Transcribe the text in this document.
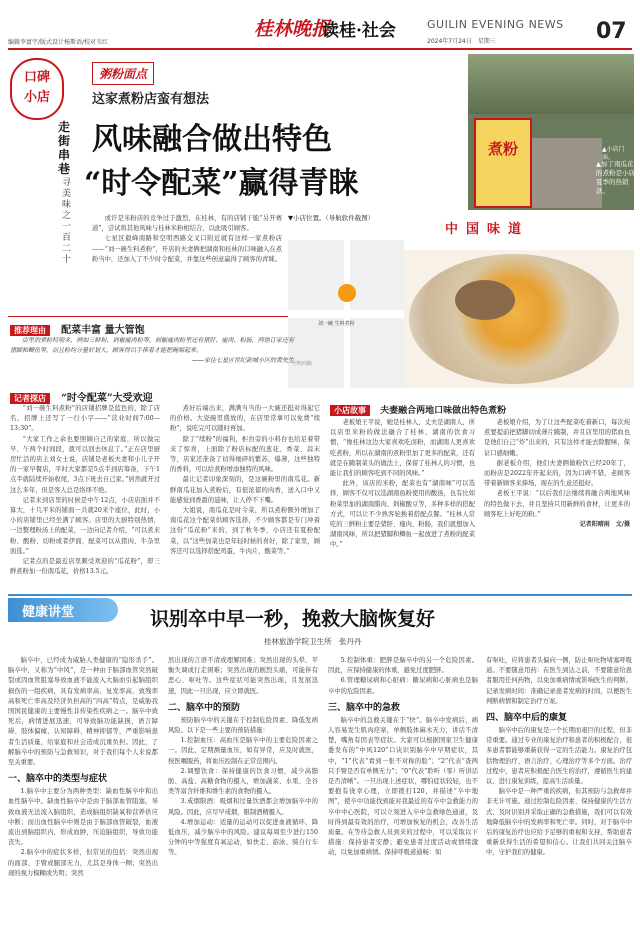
编辑李富宇/版式设计杨斯语/校对韦红
桂林晚报
读桂·社会	GUILIN EVENING NEWS
2024年7月24日　星期三	07
口碑小店
走街串巷
寻美味之一百二十
粥粉面点
这家煮粉店蛮有想法
风味融合做出特色
“时令配菜”赢得青睐

或许是米粉店的竞争过于激烈，在桂林，有的店铺干脆“另开赛道”，尝试将其他风味与桂林米粉相结合，以此吸引顾客。

七星区毅峰南路和空明西路交叉口附近就有这样一家煮粉店——“刘一碗生料煮粉”，开店的夫妻俩把湖南和桂林的口味融入在煮粉当中，还加入了不少时令配菜，并靠这些创意赢得了顾客的青睐。

煮粉	▲小店门面。
中国味道
▲加了南瓜花的煮粉是小店夏季的热销款。
▼小店位置。（导航软件截图）
刘一碗 生料煮粉
空明西路
推荐理由 配菜丰富 量大管饱

店里的煮粉特别多，例如三鲜粉、剁椒瘦肉粉等，剁椒瘦肉粉里还有猪肝、瘦肉、粉肠，两饱订家还有猪脚和鲫鱼等，而且粉均分量好划大，顾客得以手捧着才能把碗端起来。

——家住七星区世纪新城小区的黄先生

记者探店 “时令配菜”大受欢迎

“刘一碗生料煮粉”的店铺招牌是蓝色的，除了店名，招牌上还写了一行小字——“营业时间7:00—13:30”。

“大家工作之余也要照顾自己的家庭，所以做完早、午两个时间段，就可以回去休息了。”正在店里厨房忙活的店主刘女士说，店铺是老板夫妻和小儿子开的一家早餐店，平时大家都是5点半到店筹备，下午1点半就陆续开始收尾，3点下班去自己家。”居然就开过这么多年，但是客人总是络绎不绝。

记者来到店里的时候是中午12点，小店店面并不算大，十几平米的铺面一共就20来个座位，此时，小小的店铺里已经坐满了顾客。店里的大厨特别热情，一边整理粉汤上的配菜，一边向记者介绍，“可以煮来粉、酸粉、切粉或者伊面，配菜可以从猪肉、牛杂里面选。”

记者点的是最近店里颇受欢迎的“瓜花粉”，即三鲜煮粉加一份南瓜花，价格13.5元。

煮好后端出来，满满当当的一大碗还挺对得起它的价格。大瓷碗里盛放的，在店里常拿可以免费“续粉”，说吃完可以随时再加。

除了“续粉”的福利，柜台旁的小料台也给足着带来了惊喜，上面除了粉店标配的葱花、香菜、蒜末等，店家还准备了切得细碎的紫苏，爆薄，这些独特的香料，可以给煮粉增添独特的风味。

最让记者印象深刻的，是这碗粉里的南瓜花。新鲜南瓜花加入煮粉后，有很浓郁的肉香，送入口中又能感觉到香甜的滋味，让人停不下嘴。

大姐说，南瓜花是时令菜，所以煮粉额外增加了南瓜花这个配菜供顾客选择，不少顾客都是专门冲着这份“瓜花粉”来的，到了秋冬季，小店还有夏粉配菜，以“这些加菜也是年轻时候的喜好，除了家里，顾客还可以选择搭配鸡蛋，牛肉片，酸菜等。”

小店故事 夫妻融合两地口味做出特色煮粉

老板娘王平说，她是桂林人，丈夫是湖南人，所以店里米粉的做法融合了桂林、湖南的饮食习惯，“像桂林这边大家喜欢吃卤粉，而湖南人更喜欢吃煮粉，所以在湖南的煮粉里加了更多的配菜，还有就是在腌制菜头的做法上，保留了桂林人的习惯，也能让我们的顾客吃到不同的风味。”

此外，该店的米粉，配菜也有“湖南味”可以选择，顾客不仅可以选湖南鱼粉使用的酸汤，也有比如粉菜里加的湖南腊肉、剁椒酸豆等，多种多样的搭配方式，可以让不少熟客轮换着搭配点餐。“桂林人常吃的三鲜粉主要是猪肝、瘦肉、粉肠，我们就想加入湖南风味，所以把猪脚和鲫鱼一起放进了煮粉的配菜中。”

老板娘介绍，为了让这些配菜吃着新口，每次炖煮要提前把猪脚切成薄片腌制，并且店里用的猪血也是他们自己“炸”出来的，只有这样才能去除腥味，保证口感细嫩。

据老板介绍，他们夫妻俩做粉饮已经20年了，而粉店是2022年开起来的，因为口碑不错，老顾客带着新顾客来捧场，现在的生意还挺好。

老板王平说：“以后我们会继续将融合两地风味的特色做下去，并且坚持只用新鲜的食材，让更多的顾客吃上好吃的粉。”

记者阳晴雨　文/摄

健康讲堂	识别卒中早一秒，挽救大脑恢复好
桂林旅游学院卫生所　张丹丹

脑卒中，已经成为威胁人类健康的“隐形杀手”。脑卒中，又称为“中风”，是一种由于脑部血管突然破裂或因血管阻塞导致血液不能流入大脑而引起脑组织损伤的一组疾病，具有发病率高、复发率高、致残率高和死亡率高及经济负担高的“四高”特点，是威胁我国国民健康的主要慢性非传染性疾病之一。脑卒中致死后，病情进展迅速，可导致脑功能缺损、语言障碍、肢体偏瘫、认知障碍、精神抑郁等，严重影响患者生活质量，给家庭和社会造成沉重负担。因此，了解脑卒中的预防与急救知识，对于我们每个人来说都至关重要。

一、脑卒中的类型与症状

1.脑卒中主要分为两种类型：缺血性脑卒中和出血性脑卒中。缺血性脑卒中是由于脑部血管阻塞，导致血液无法流入脑组织，造成脑组织缺氧和营养供应中断；而出血性脑卒中则是由于脑部血管破裂，血液流出到脑组织内，形成血肿，压迫脑组织，导致功能丧失。

2.脑卒中的症状多样，但常见的包括：突然出现的面部、手臂或腿部无力，尤其是身体一侧；突然出现的视力模糊或失明；突然

然出现的言语不清或理解困难；突然出现的头晕、平衡失调或行走困难；突然出现的剧烈头痛，可能伴有恶心、呕吐等。这些症状可能突然出现，且发展迅速，因此一旦出现，应立即就医。

二、脑卒中的预防

预防脑卒中的关键在于控制危险因素、降低发病风险。以下是一些主要的预防措施：

1.控制血压：高血压是脑卒中的主要危险因素之一。因此，定期测量血压，如有异常，应及时就医，按医嘱服药，将血压控制在正常范围内。

2.调整饮食：保持健康的饮食习惯，减少高脂肪、高盐、高糖食物的摄入，增加蔬菜、水果、全谷类等富含纤维和维生素的食物的摄入。

3.戒烟限酒：吸烟和过量饮酒都会增加脑卒中的风险。因此，应尽早戒烟，限制酒精摄入。

4.增加运动：适量的运动可以促进血液循环，降低血压，减少脑卒中的风险。建议每周至少进行150分钟的中等强度有氧运动，如快走、游泳、骑自行车等。

5.控制体重：肥胖是脑卒中的另一个危险因素。因此，应保持健康的体重，避免过度肥胖。

6.管理糖尿病和心脏病：糖尿病和心脏病也是脑卒中的危险因素。

三、脑卒中的急救

脑卒中的急救关键在于“快”。脑卒中发病后，病人容易发生肌肉痉挛，单侧肢体麻木无力，讲话不清楚，嘴角有因表等症状。大家可以根据国家卫生健康委发布的“中风120”口诀识别脑卒中早期症状，其中，“1”代表“看到一张不对称的脸”；“2”代表“查两只手臂是否有单侧无力”；“0”代表“聆听（零）听讲话是否清晰”。一旦出现上述症状，哪怕症状较轻，也不要抱有侥幸心理，立即拨打120，并描述“卒中地图”，使卒中功能找到能对我最近的有卒中急救能力的卒中中心医院，可以立刻进入卒中急救绿色通道，及时得到最有效的治疗，可增加恢复的机会，改善生活质量。在等待急救人员到来的过程中，可以采取以下措施：保持患者安静；避免患者过度活动或情绪激动，以免加重病情。保持呼吸道通畅：如

有呕吐，应将患者头偏向一侧，防止呕吐物堵塞呼吸道。不要随意用药：在医生到达之前，不要随意给患者服用任何药物，以免加重病情或影响医生的判断。记录发病时间：准确记录患者发病的时间，以便医生判断病情和制定治疗方案。

四、脑卒中后的康复

脑卒中后的康复是一个长期而艰巨的过程，但非常重要。通过专业的康复治疗和患者的积极配合，很多患者都能够重新获得一定的生活能力。康复治疗包括物理治疗、语言治疗、心理治疗等多个方面。治疗过程中，患者应积极配合医生的治疗，遵循医生的建议，进行康复训练，提高生活质量。

脑卒中是一种严重的疾病，但其预防与急救却并非无计可施。通过控制危险因素、保持健康的生活方式、及时识别并采取正确的急救措施，我们可以有效地降低脑卒中的发病率和死亡率。同时，对于脑卒中后的康复治疗也应给予足够的重视和支持，帮助患者重新获得生活的希望和信心。让我们共同关注脑卒中，守护我们的健康。
